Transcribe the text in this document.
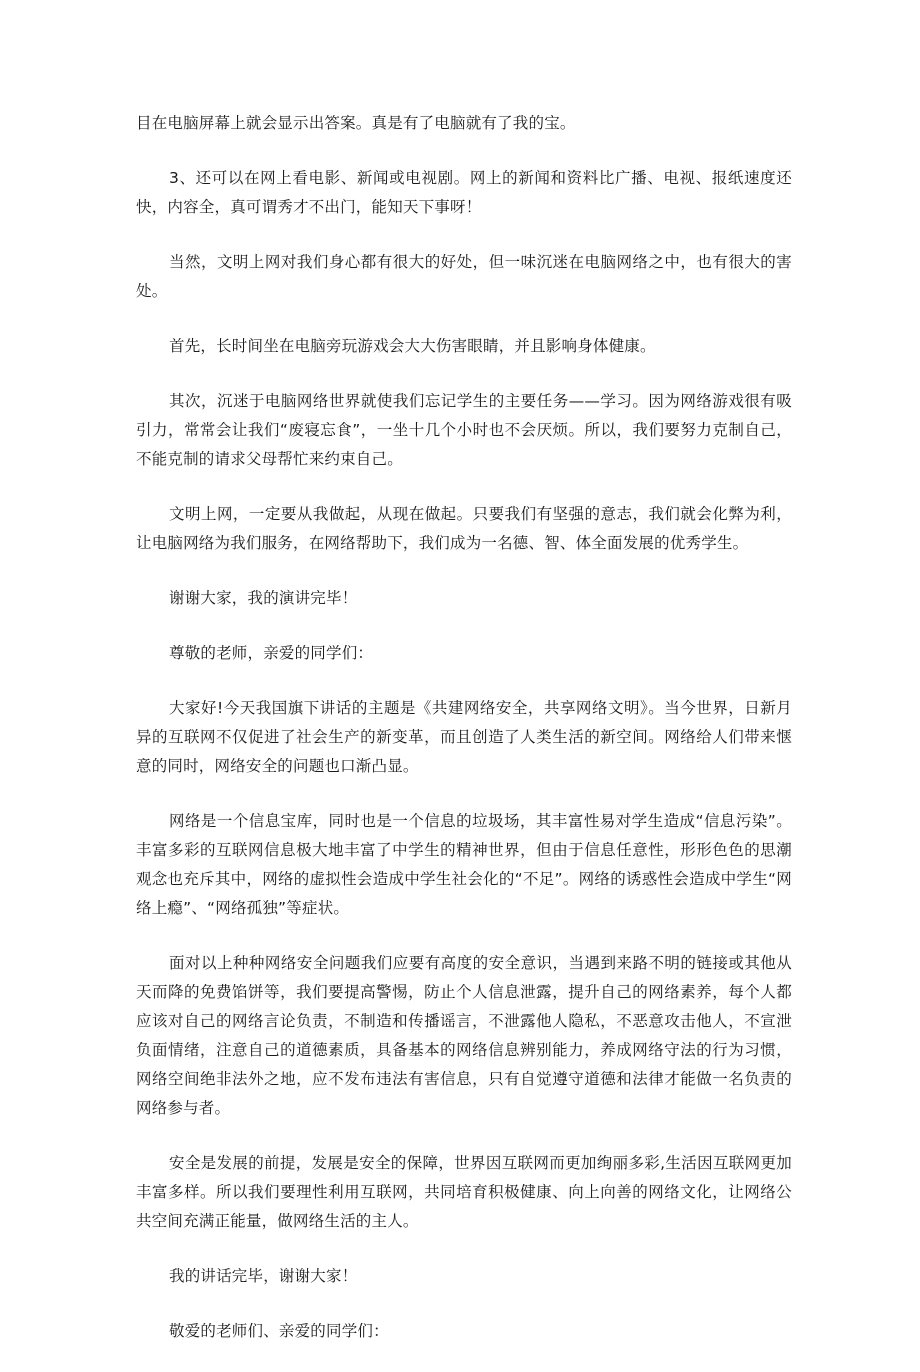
目在电脑屏幕上就会显示出答案。真是有了电脑就有了我的宝。

3、还可以在网上看电影、新闻或电视剧。网上的新闻和资料比广播、电视、报纸速度还快，内容全，真可谓秀才不出门，能知天下事呀！

当然，文明上网对我们身心都有很大的好处，但一味沉迷在电脑网络之中，也有很大的害处。

首先，长时间坐在电脑旁玩游戏会大大伤害眼睛，并且影响身体健康。

其次，沉迷于电脑网络世界就使我们忘记学生的主要任务——学习。因为网络游戏很有吸引力，常常会让我们“废寝忘食”，一坐十几个小时也不会厌烦。所以，我们要努力克制自己，不能克制的请求父母帮忙来约束自己。

文明上网，一定要从我做起，从现在做起。只要我们有坚强的意志，我们就会化弊为利，让电脑网络为我们服务，在网络帮助下，我们成为一名德、智、体全面发展的优秀学生。

谢谢大家，我的演讲完毕！

尊敬的老师，亲爱的同学们：

大家好!今天我国旗下讲话的主题是《共建网络安全，共享网络文明》。当今世界，日新月异的互联网不仅促进了社会生产的新变革，而且创造了人类生活的新空间。网络给人们带来惬意的同时，网络安全的问题也口渐凸显。

网络是一个信息宝库，同时也是一个信息的垃圾场，其丰富性易对学生造成“信息污染”。丰富多彩的互联网信息极大地丰富了中学生的精神世界，但由于信息任意性，形形色色的思潮观念也充斥其中，网络的虚拟性会造成中学生社会化的“不足”。网络的诱惑性会造成中学生“网络上瘾”、“网络孤独”等症状。

面对以上种种网络安全问题我们应要有高度的安全意识，当遇到来路不明的链接或其他从天而降的免费馅饼等，我们要提高警惕，防止个人信息泄露，提升自己的网络素养，每个人都应该对自己的网络言论负责，不制造和传播谣言，不泄露他人隐私，不恶意攻击他人，不宣泄负面情绪，注意自己的道德素质，具备基本的网络信息辨别能力，养成网络守法的行为习惯，网络空间绝非法外之地，应不发布违法有害信息，只有自觉遵守道德和法律才能做一名负责的网络参与者。

安全是发展的前提，发展是安全的保障，世界因互联网而更加绚丽多彩,生活因互联网更加丰富多样。所以我们要理性利用互联网，共同培育积极健康、向上向善的网络文化，让网络公共空间充满正能量，做网络生活的主人。

我的讲话完毕，谢谢大家！

敬爱的老师们、亲爱的同学们：
